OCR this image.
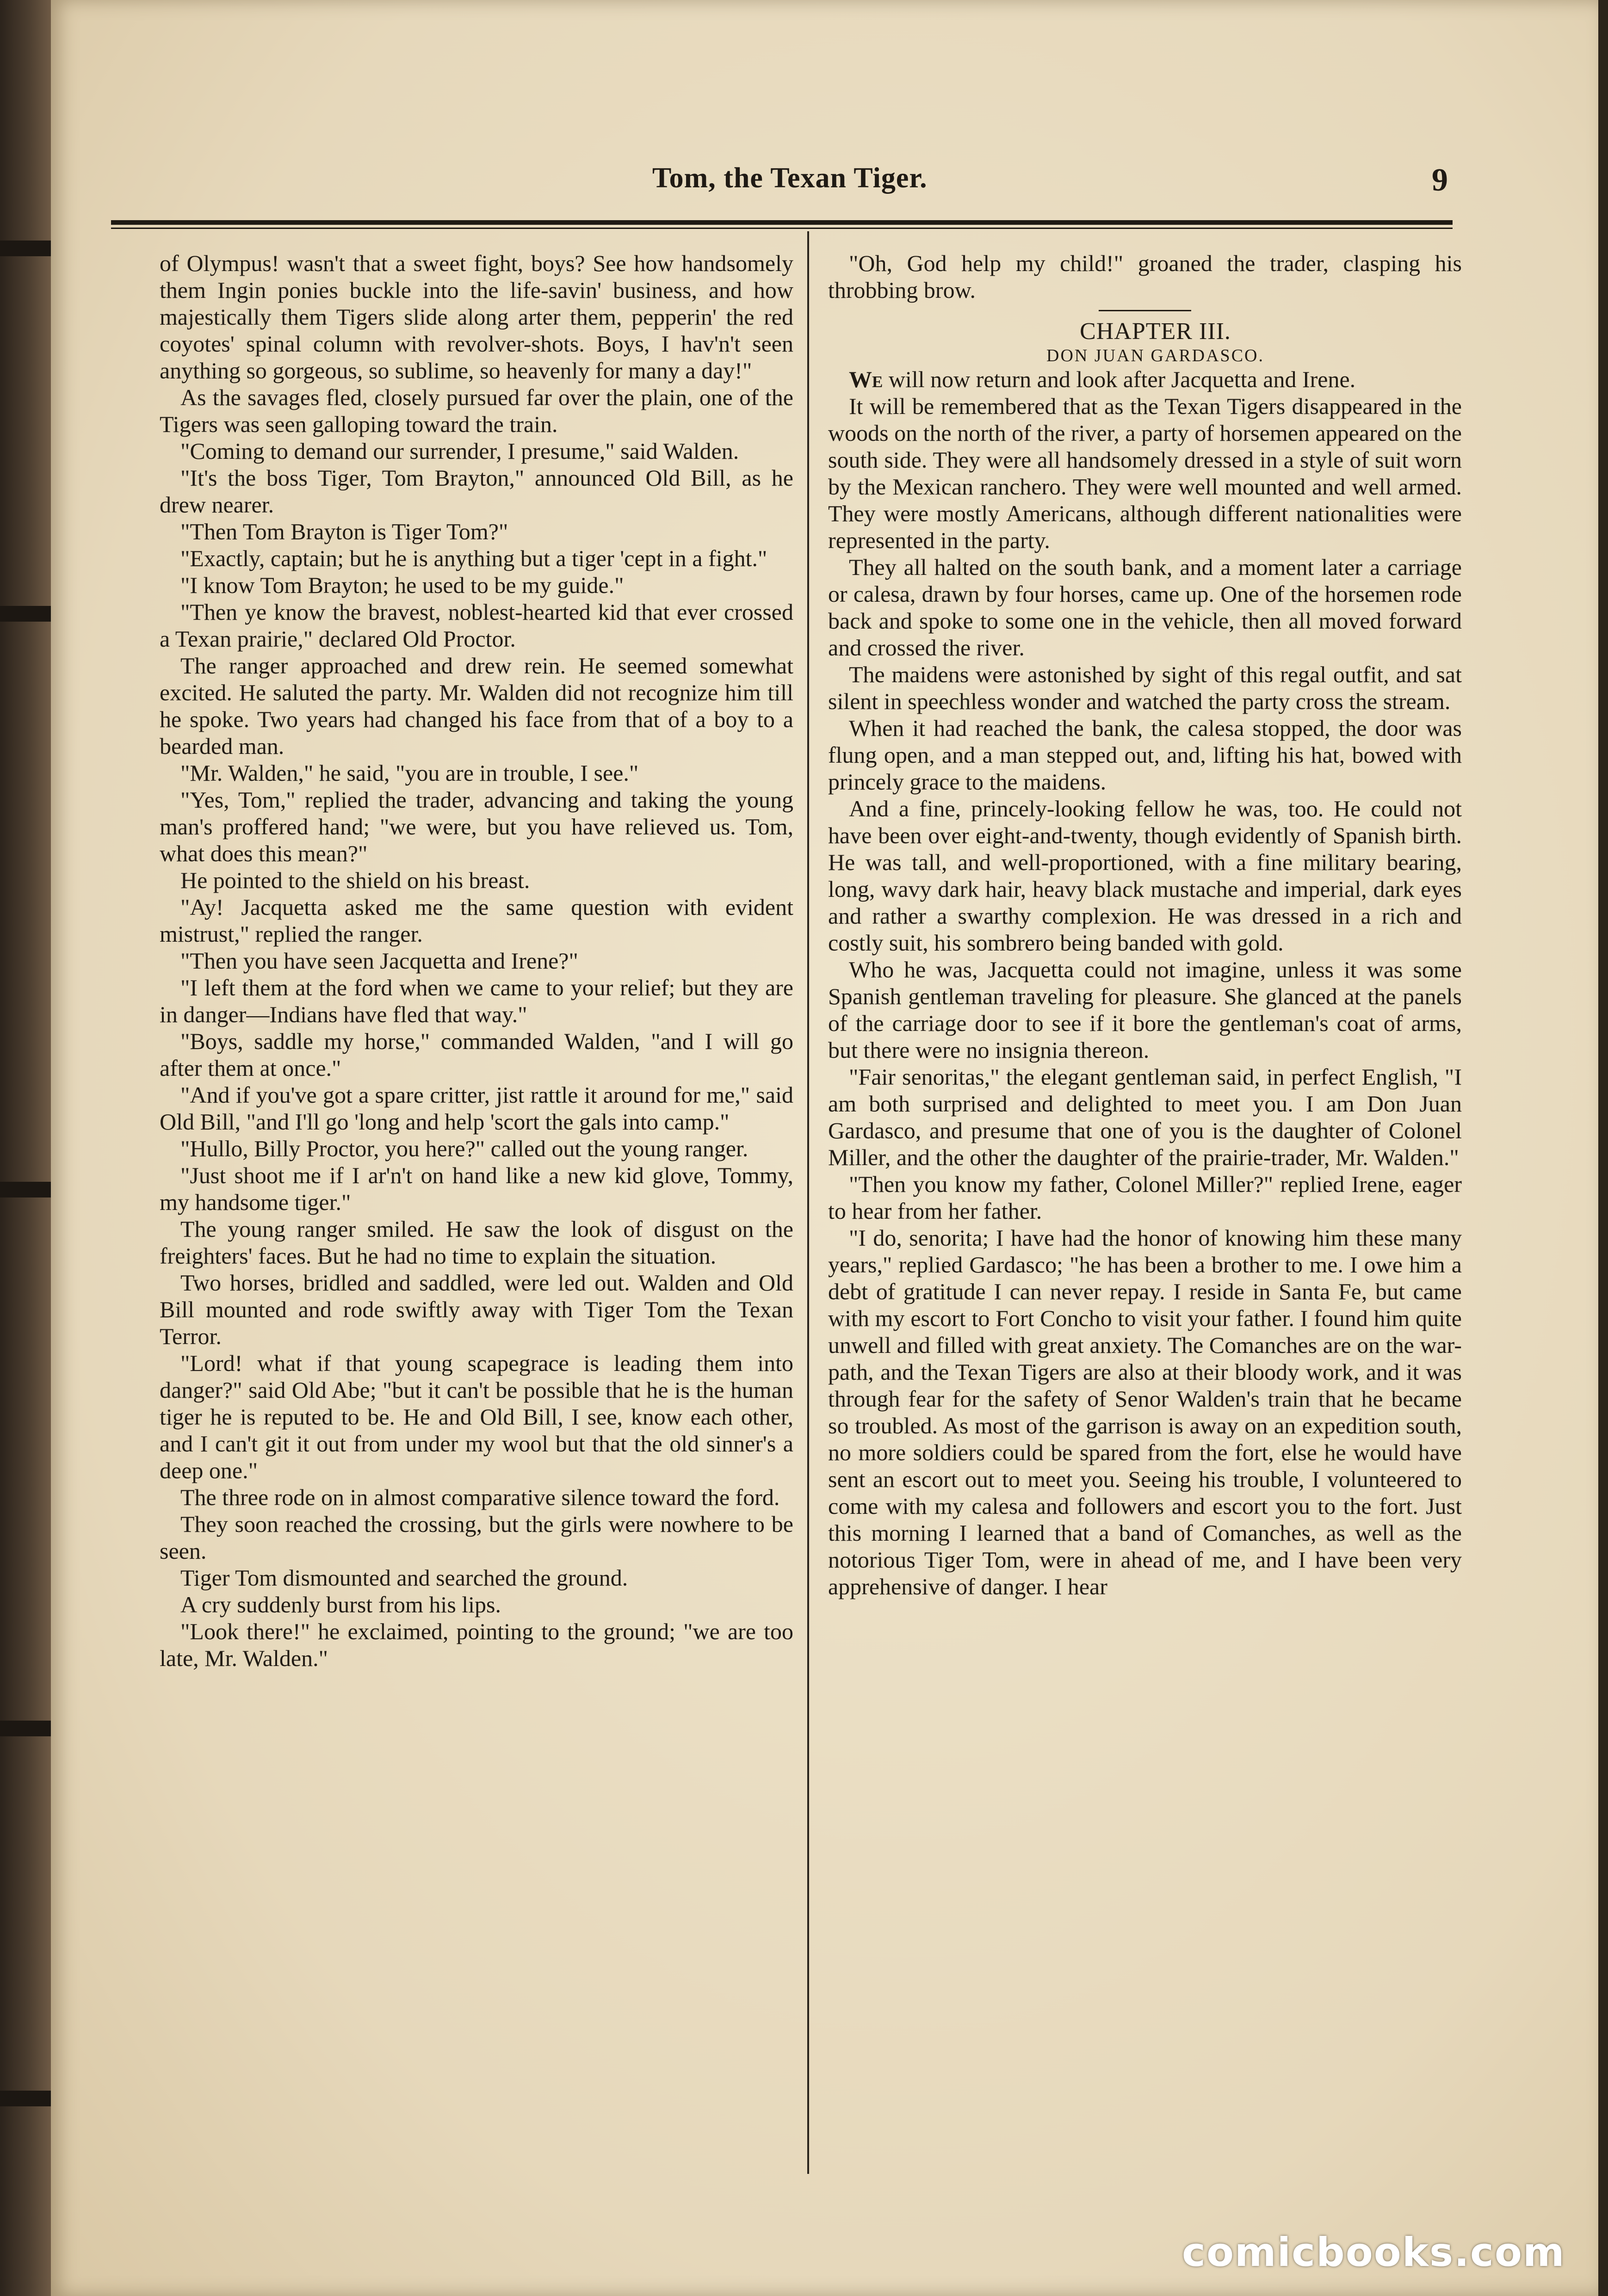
Tom, the Texan Tiger.	9

of Olympus! wasn't that a sweet fight, boys? See how handsomely them Ingin ponies buckle into the life-savin' business, and how majestically them Tigers slide along arter them, pepperin' the red coyotes' spinal column with revolver-shots. Boys, I hav'n't seen anything so gorgeous, so sublime, so heavenly for many a day!"

As the savages fled, closely pursued far over the plain, one of the Tigers was seen galloping toward the train.

"Coming to demand our surrender, I presume," said Walden.

"It's the boss Tiger, Tom Brayton," announced Old Bill, as he drew nearer.

"Then Tom Brayton is Tiger Tom?"

"Exactly, captain; but he is anything but a tiger 'cept in a fight."

"I know Tom Brayton; he used to be my guide."

"Then ye know the bravest, noblest-hearted kid that ever crossed a Texan prairie," declared Old Proctor.

The ranger approached and drew rein. He seemed somewhat excited. He saluted the party. Mr. Walden did not recognize him till he spoke. Two years had changed his face from that of a boy to a bearded man.

"Mr. Walden," he said, "you are in trouble, I see."

"Yes, Tom," replied the trader, advancing and taking the young man's proffered hand; "we were, but you have relieved us. Tom, what does this mean?"

He pointed to the shield on his breast.

"Ay! Jacquetta asked me the same question with evident mistrust," replied the ranger.

"Then you have seen Jacquetta and Irene?"

"I left them at the ford when we came to your relief; but they are in danger—Indians have fled that way."

"Boys, saddle my horse," commanded Walden, "and I will go after them at once."

"And if you've got a spare critter, jist rattle it around for me," said Old Bill, "and I'll go 'long and help 'scort the gals into camp."

"Hullo, Billy Proctor, you here?" called out the young ranger.

"Just shoot me if I ar'n't on hand like a new kid glove, Tommy, my handsome tiger."

The young ranger smiled. He saw the look of disgust on the freighters' faces. But he had no time to explain the situation.

Two horses, bridled and saddled, were led out. Walden and Old Bill mounted and rode swiftly away with Tiger Tom the Texan Terror.

"Lord! what if that young scapegrace is leading them into danger?" said Old Abe; "but it can't be possible that he is the human tiger he is reputed to be. He and Old Bill, I see, know each other, and I can't git it out from under my wool but that the old sinner's a deep one."

The three rode on in almost comparative silence toward the ford.

They soon reached the crossing, but the girls were nowhere to be seen.

Tiger Tom dismounted and searched the ground.

A cry suddenly burst from his lips.

"Look there!" he exclaimed, pointing to the ground; "we are too late, Mr. Walden."

"Oh, God help my child!" groaned the trader, clasping his throbbing brow.

CHAPTER III.

DON JUAN GARDASCO.

We will now return and look after Jacquetta and Irene.

It will be remembered that as the Texan Tigers disappeared in the woods on the north of the river, a party of horsemen appeared on the south side. They were all handsomely dressed in a style of suit worn by the Mexican ranchero. They were well mounted and well armed. They were mostly Americans, although different nationalities were represented in the party.

They all halted on the south bank, and a moment later a carriage or calesa, drawn by four horses, came up. One of the horsemen rode back and spoke to some one in the vehicle, then all moved forward and crossed the river.

The maidens were astonished by sight of this regal outfit, and sat silent in speechless wonder and watched the party cross the stream.

When it had reached the bank, the calesa stopped, the door was flung open, and a man stepped out, and, lifting his hat, bowed with princely grace to the maidens.

And a fine, princely-looking fellow he was, too. He could not have been over eight-and-twenty, though evidently of Spanish birth. He was tall, and well-proportioned, with a fine military bearing, long, wavy dark hair, heavy black mustache and imperial, dark eyes and rather a swarthy complexion. He was dressed in a rich and costly suit, his sombrero being banded with gold.

Who he was, Jacquetta could not imagine, unless it was some Spanish gentleman traveling for pleasure. She glanced at the panels of the carriage door to see if it bore the gentleman's coat of arms, but there were no insignia thereon.

"Fair senoritas," the elegant gentleman said, in perfect English, "I am both surprised and delighted to meet you. I am Don Juan Gardasco, and presume that one of you is the daughter of Colonel Miller, and the other the daughter of the prairie-trader, Mr. Walden."

"Then you know my father, Colonel Miller?" replied Irene, eager to hear from her father.

"I do, senorita; I have had the honor of knowing him these many years," replied Gardasco; "he has been a brother to me. I owe him a debt of gratitude I can never repay. I reside in Santa Fe, but came with my escort to Fort Concho to visit your father. I found him quite unwell and filled with great anxiety. The Comanches are on the war-path, and the Texan Tigers are also at their bloody work, and it was through fear for the safety of Senor Walden's train that he became so troubled. As most of the garrison is away on an expedition south, no more soldiers could be spared from the fort, else he would have sent an escort out to meet you. Seeing his trouble, I volunteered to come with my calesa and followers and escort you to the fort. Just this morning I learned that a band of Comanches, as well as the notorious Tiger Tom, were in ahead of me, and I have been very apprehensive of danger. I hear

comicbooks.com
